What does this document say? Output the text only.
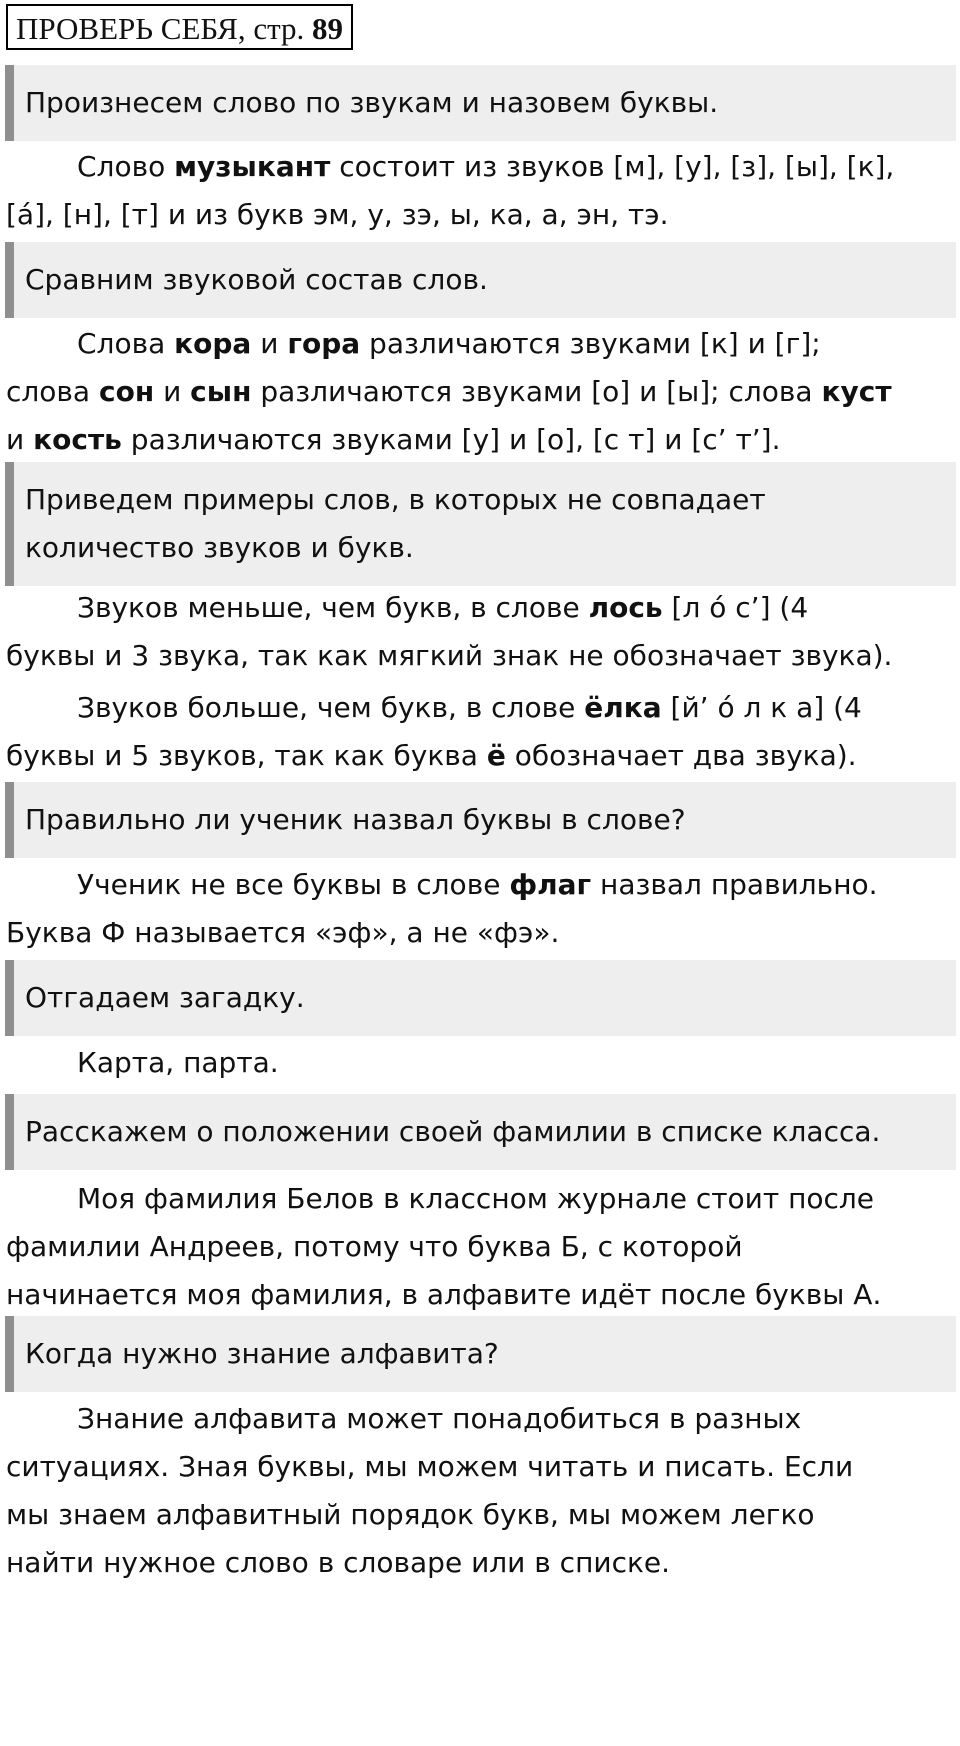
ПРОВЕРЬ СЕБЯ, стр. 89
Произнесем слово по звукам и назовем буквы.
Слово музыкант состоит из звуков [м], [у], [з], [ы], [к],
[а́], [н], [т] и из букв эм, у, зэ, ы, ка, а, эн, тэ.
Сравним звуковой состав слов.
Слова кора и гора различаются звуками [к] и [г];
слова сон и сын различаются звуками [о] и [ы]; слова куст
и кость различаются звуками [у] и [о], [с т] и [с’ т’].
Приведем примеры слов, в которых не совпадает
количество звуков и букв.
Звуков меньше, чем букв, в слове лось [л о́ с’] (4
буквы и 3 звука, так как мягкий знак не обозначает звука).
Звуков больше, чем букв, в слове ёлка [й’ о́ л к а] (4
буквы и 5 звуков, так как буква ё обозначает два звука).
Правильно ли ученик назвал буквы в слове?
Ученик не все буквы в слове флаг назвал правильно.
Буква Ф называется «эф», а не «фэ».
Отгадаем загадку.
Карта, парта.
Расскажем о положении своей фамилии в списке класса.
Моя фамилия Белов в классном журнале стоит после
фамилии Андреев, потому что буква Б, с которой
начинается моя фамилия, в алфавите идёт после буквы А.
Когда нужно знание алфавита?
Знание алфавита может понадобиться в разных
ситуациях. Зная буквы, мы можем читать и писать. Если
мы знаем алфавитный порядок букв, мы можем легко
найти нужное слово в словаре или в списке.
